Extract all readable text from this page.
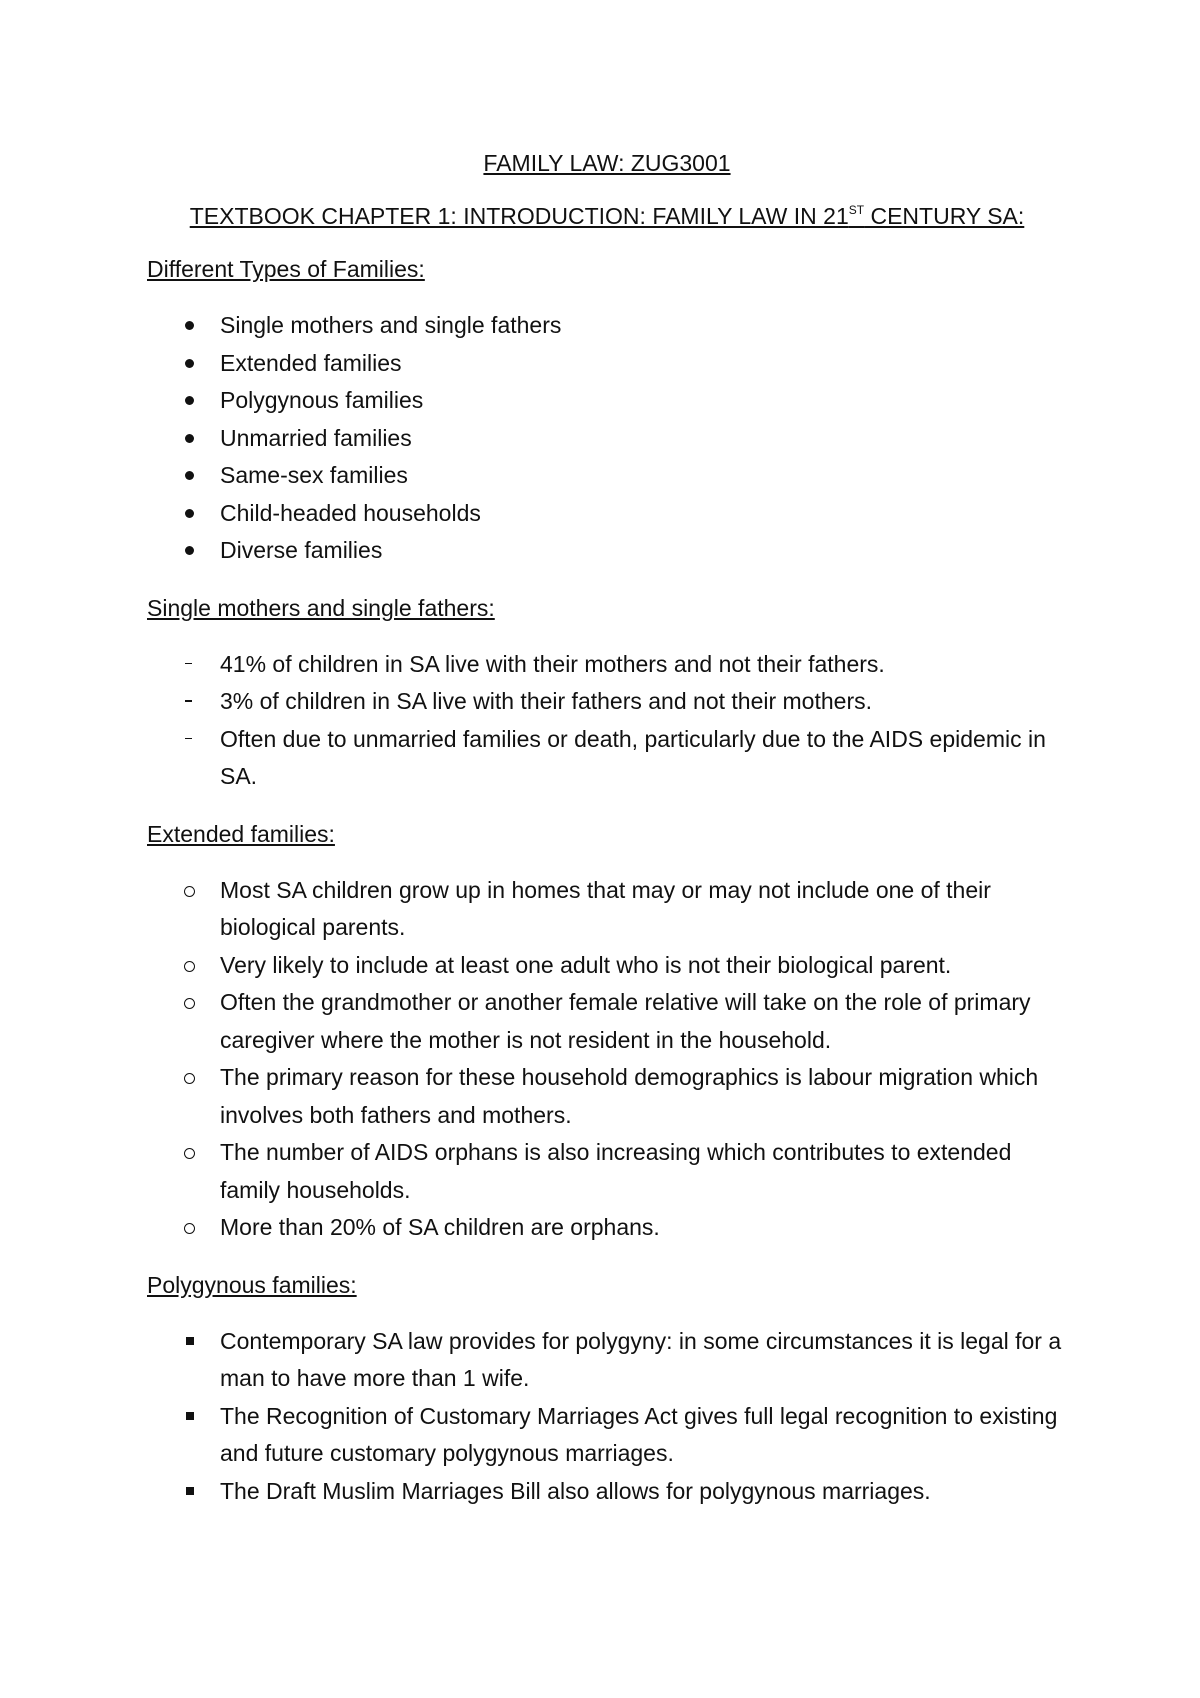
FAMILY LAW: ZUG3001
TEXTBOOK CHAPTER 1: INTRODUCTION: FAMILY LAW IN 21ST CENTURY SA:
Different Types of Families:
Single mothers and single fathers
Extended families
Polygynous families
Unmarried families
Same-sex families
Child-headed households
Diverse families
Single mothers and single fathers:
41% of children in SA live with their mothers and not their fathers.
3% of children in SA live with their fathers and not their mothers.
Often due to unmarried families or death, particularly due to the AIDS epidemic in SA.
Extended families:
Most SA children grow up in homes that may or may not include one of their biological parents.
Very likely to include at least one adult who is not their biological parent.
Often the grandmother or another female relative will take on the role of primary caregiver where the mother is not resident in the household.
The primary reason for these household demographics is labour migration which involves both fathers and mothers.
The number of AIDS orphans is also increasing which contributes to extended family households.
More than 20% of SA children are orphans.
Polygynous families:
Contemporary SA law provides for polygyny: in some circumstances it is legal for a man to have more than 1 wife.
The Recognition of Customary Marriages Act gives full legal recognition to existing and future customary polygynous marriages.
The Draft Muslim Marriages Bill also allows for polygynous marriages.
